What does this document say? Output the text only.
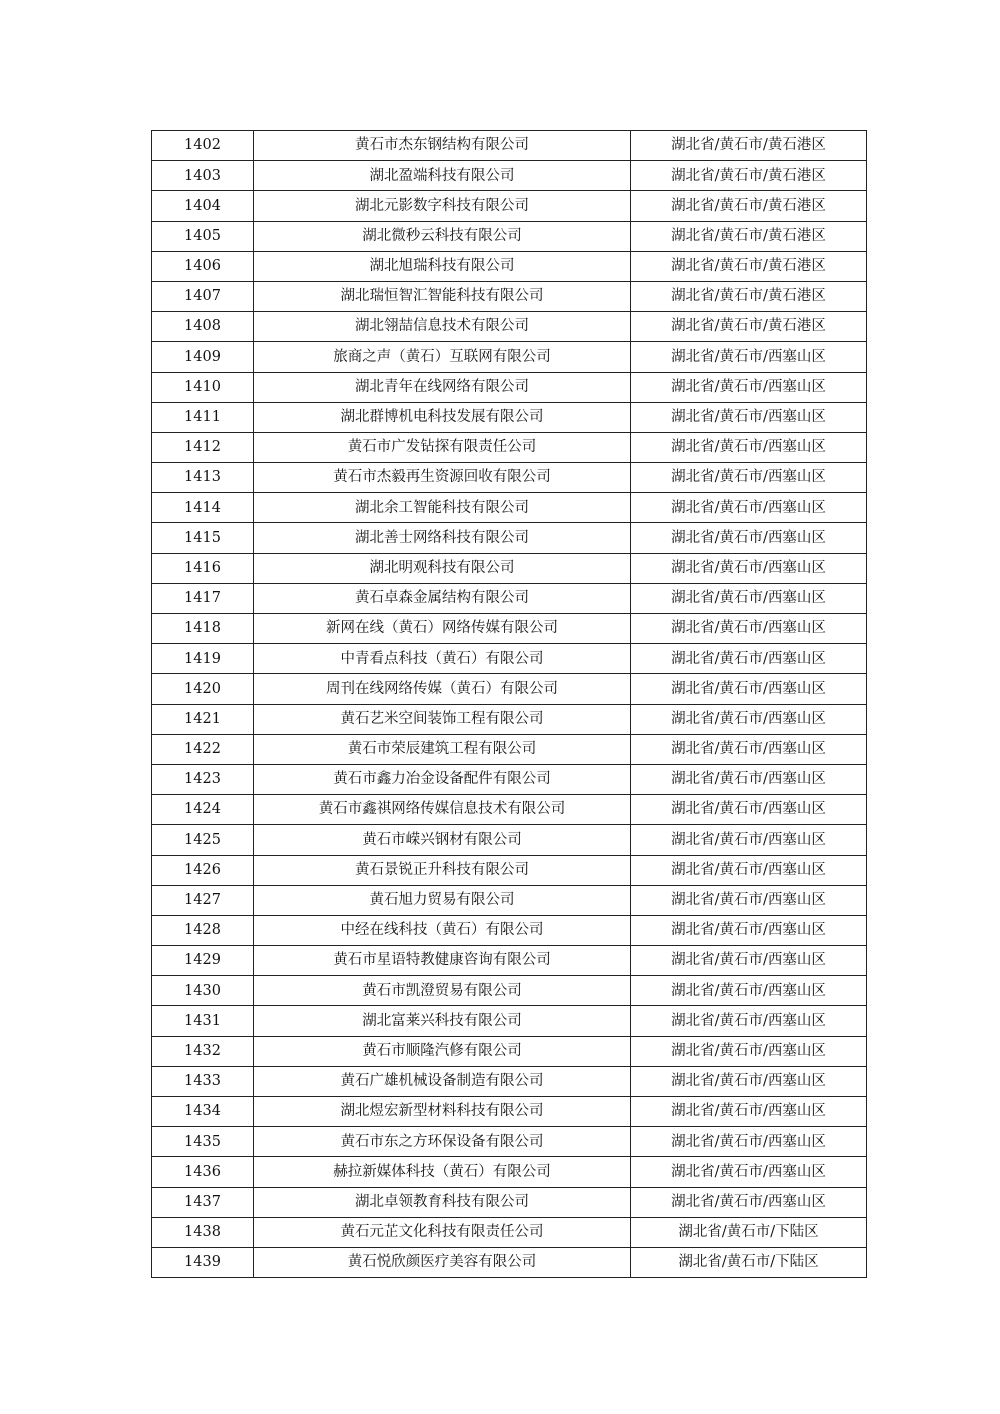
1402	黄石市杰东钢结构有限公司	湖北省/黄石市/黄石港区
1403	湖北盈端科技有限公司	湖北省/黄石市/黄石港区
1404	湖北元影数字科技有限公司	湖北省/黄石市/黄石港区
1405	湖北微秒云科技有限公司	湖北省/黄石市/黄石港区
1406	湖北旭瑞科技有限公司	湖北省/黄石市/黄石港区
1407	湖北瑞恒智汇智能科技有限公司	湖北省/黄石市/黄石港区
1408	湖北翎喆信息技术有限公司	湖北省/黄石市/黄石港区
1409	旅商之声（黄石）互联网有限公司	湖北省/黄石市/西塞山区
1410	湖北青年在线网络有限公司	湖北省/黄石市/西塞山区
1411	湖北群博机电科技发展有限公司	湖北省/黄石市/西塞山区
1412	黄石市广发钻探有限责任公司	湖北省/黄石市/西塞山区
1413	黄石市杰毅再生资源回收有限公司	湖北省/黄石市/西塞山区
1414	湖北余工智能科技有限公司	湖北省/黄石市/西塞山区
1415	湖北善士网络科技有限公司	湖北省/黄石市/西塞山区
1416	湖北明观科技有限公司	湖北省/黄石市/西塞山区
1417	黄石卓森金属结构有限公司	湖北省/黄石市/西塞山区
1418	新网在线（黄石）网络传媒有限公司	湖北省/黄石市/西塞山区
1419	中青看点科技（黄石）有限公司	湖北省/黄石市/西塞山区
1420	周刊在线网络传媒（黄石）有限公司	湖北省/黄石市/西塞山区
1421	黄石艺米空间装饰工程有限公司	湖北省/黄石市/西塞山区
1422	黄石市荣辰建筑工程有限公司	湖北省/黄石市/西塞山区
1423	黄石市鑫力冶金设备配件有限公司	湖北省/黄石市/西塞山区
1424	黄石市鑫祺网络传媒信息技术有限公司	湖北省/黄石市/西塞山区
1425	黄石市嵘兴钢材有限公司	湖北省/黄石市/西塞山区
1426	黄石景锐正升科技有限公司	湖北省/黄石市/西塞山区
1427	黄石旭力贸易有限公司	湖北省/黄石市/西塞山区
1428	中经在线科技（黄石）有限公司	湖北省/黄石市/西塞山区
1429	黄石市星语特教健康咨询有限公司	湖北省/黄石市/西塞山区
1430	黄石市凯澄贸易有限公司	湖北省/黄石市/西塞山区
1431	湖北富莱兴科技有限公司	湖北省/黄石市/西塞山区
1432	黄石市顺隆汽修有限公司	湖北省/黄石市/西塞山区
1433	黄石广雄机械设备制造有限公司	湖北省/黄石市/西塞山区
1434	湖北煜宏新型材料科技有限公司	湖北省/黄石市/西塞山区
1435	黄石市东之方环保设备有限公司	湖北省/黄石市/西塞山区
1436	赫拉新媒体科技（黄石）有限公司	湖北省/黄石市/西塞山区
1437	湖北卓领教育科技有限公司	湖北省/黄石市/西塞山区
1438	黄石元芷文化科技有限责任公司	湖北省/黄石市/下陆区
1439	黄石悦欣颜医疗美容有限公司	湖北省/黄石市/下陆区
